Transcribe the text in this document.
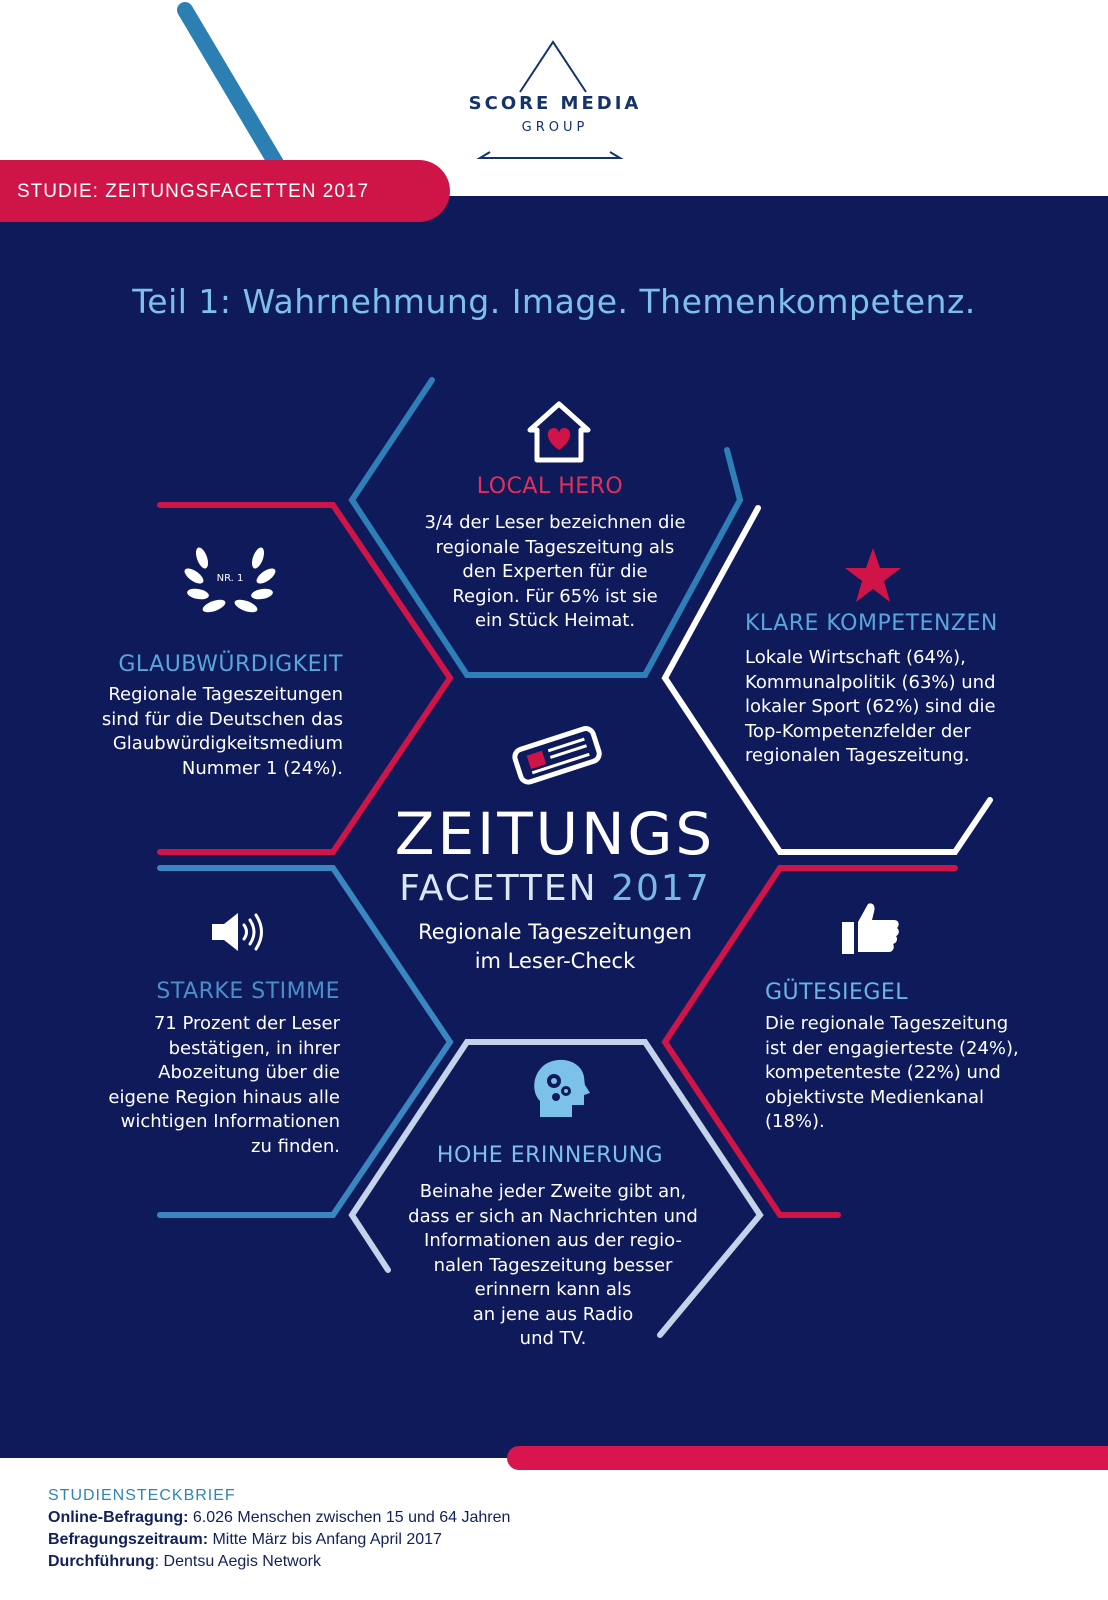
SCORE MEDIA
GROUP
STUDIE: ZEITUNGSFACETTEN 2017
Teil 1: Wahrnehmung. Image. Themenkompetenz.
NR. 1
LOCAL HERO
3/4 der Leser bezeichnen die
regionale Tageszeitung als
den Experten für die
Region. Für 65% ist sie
ein Stück Heimat.	KLARE KOMPETENZEN
Lokale Wirtschaft (64%),
Kommunalpolitik (63%) und
lokaler Sport (62%) sind die
Top-Kompetenzfelder der
regionalen Tageszeitung.
GLAUBWÜRDIGKEIT
Regionale Tageszeitungen
sind für die Deutschen das
Glaubwürdigkeitsmedium
Nummer 1 (24%).
STARKE STIMME
71 Prozent der Leser
bestätigen, in ihrer
Abozeitung über die
eigene Region hinaus alle
wichtigen Informationen
zu finden.
GÜTESIEGEL
Die regionale Tageszeitung
ist der engagierteste (24%),
kompetenteste (22%) und
objektivste Medienkanal
(18%).
HOHE ERINNERUNG
Beinahe jeder Zweite gibt an,
dass er sich an Nachrichten und
Informationen aus der regio-
nalen Tageszeitung besser
erinnern kann als
an jene aus Radio
und TV.
ZEITUNGS
FACETTEN 2017
Regionale Tageszeitungen
im Leser-Check
STUDIENSTECKBRIEF
Online-Befragung: 6.026 Menschen zwischen 15 und 64 Jahren
Befragungszeitraum: Mitte März bis Anfang April 2017
Durchführung: Dentsu Aegis Network
